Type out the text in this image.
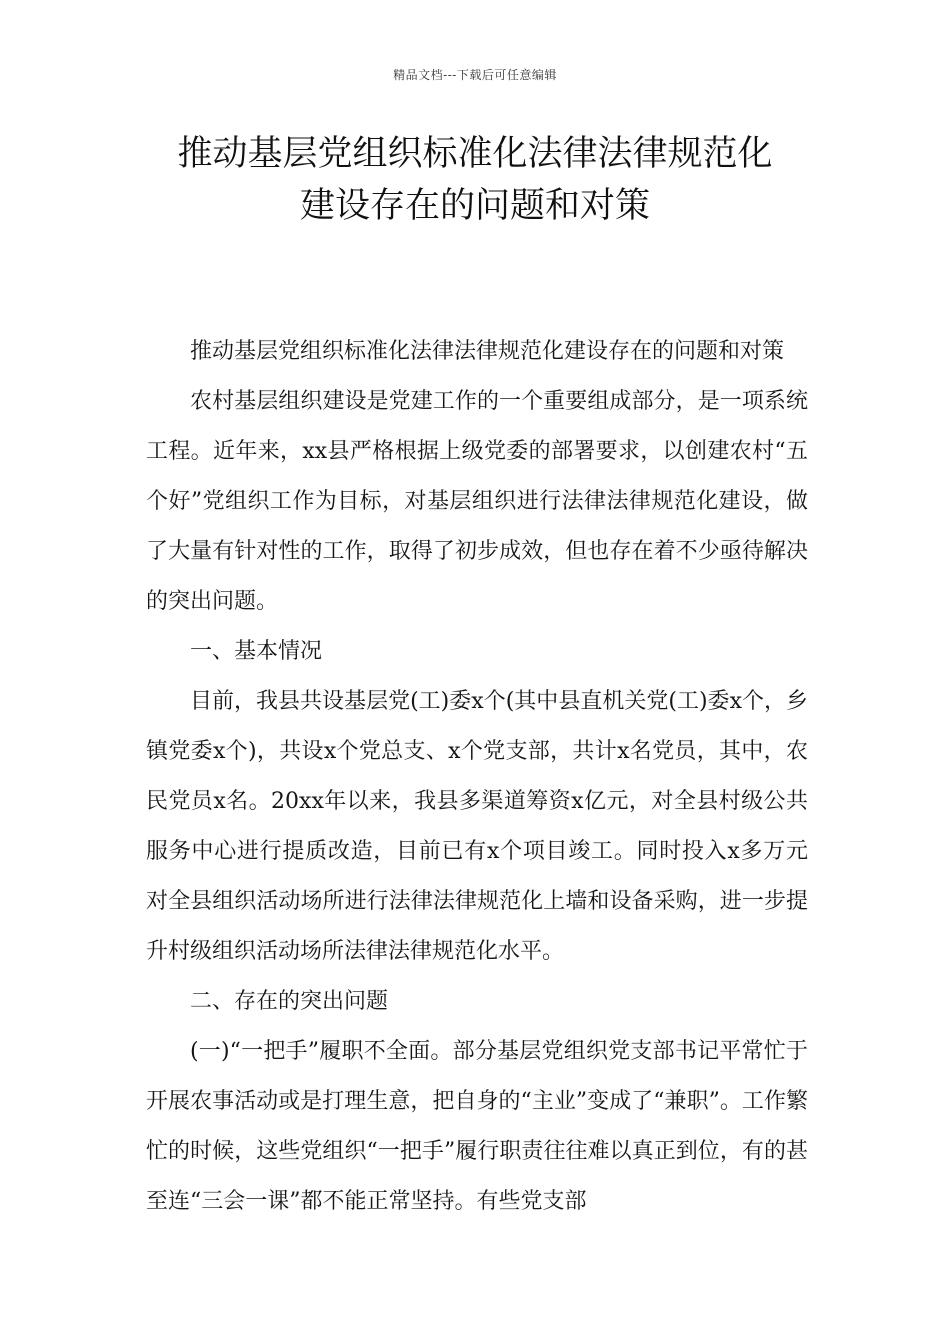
精品文档---下载后可任意编辑
推动基层党组织标准化法律法律规范化
建设存在的问题和对策

推动基层党组织标准化法律法律规范化建设存在的问题和对策

农村基层组织建设是党建工作的一个重要组成部分，是一项系统工程。近年来，xx县严格根据上级党委的部署要求，以创建农村“五个好”党组织工作为目标，对基层组织进行法律法律规范化建设，做了大量有针对性的工作，取得了初步成效，但也存在着不少亟待解决的突出问题。

一、基本情况

目前，我县共设基层党(工)委x个(其中县直机关党(工)委x个，乡镇党委x个)，共设x个党总支、x个党支部，共计x名党员，其中，农民党员x名。20xx年以来，我县多渠道筹资x亿元，对全县村级公共服务中心进行提质改造，目前已有x个项目竣工。同时投入x多万元对全县组织活动场所进行法律法律规范化上墙和设备采购，进一步提升村级组织活动场所法律法律规范化水平。

二、存在的突出问题

(一)“一把手”履职不全面。部分基层党组织党支部书记平常忙于开展农事活动或是打理生意，把自身的“主业”变成了“兼职”。工作繁忙的时候，这些党组织“一把手”履行职责往往难以真正到位，有的甚至连“三会一课”都不能正常坚持。有些党支部
